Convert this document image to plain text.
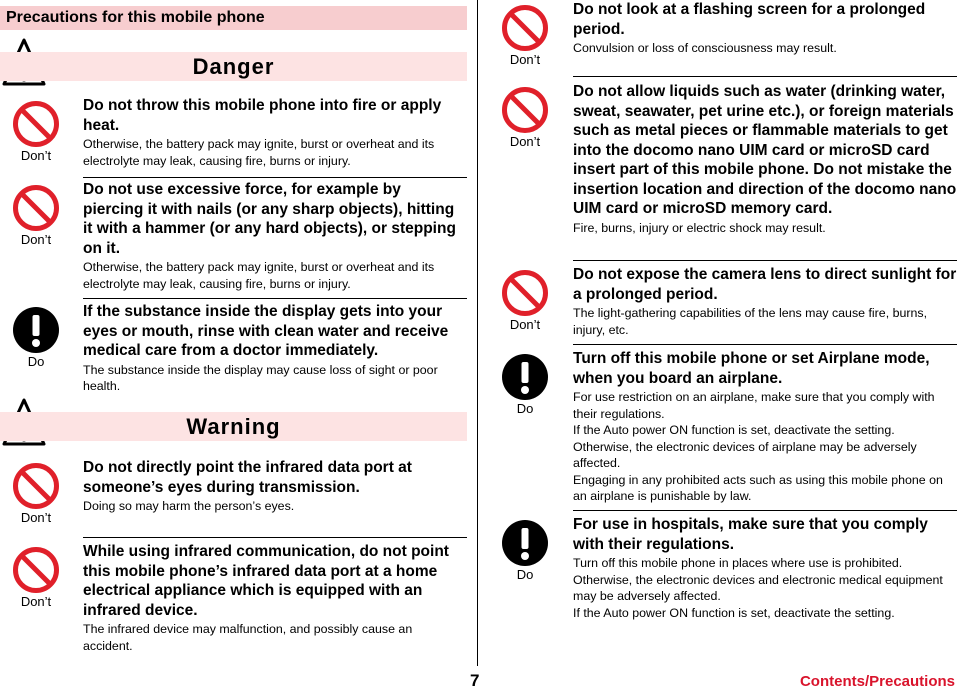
Precautions for this mobile phone
Danger
Don’t
Do not throw this mobile phone into fire or apply heat.
Otherwise, the battery pack may ignite, burst or overheat and its electrolyte may leak, causing fire, burns or injury.
Don’t
Do not use excessive force, for example by piercing it with nails (or any sharp objects), hitting it with a hammer (or any hard objects), or stepping on it.
Otherwise, the battery pack may ignite, burst or overheat and its electrolyte may leak, causing fire, burns or injury.
Do
If the substance inside the display gets into your eyes or mouth, rinse with clean water and receive medical care from a doctor immediately.
The substance inside the display may cause loss of sight or poor health.
Warning
Don’t
Do not directly point the infrared data port at someone’s eyes during transmission.
Doing so may harm the person’s eyes.
Don’t
While using infrared communication, do not point this mobile phone’s infrared data port at a home electrical appliance which is equipped with an infrared device.
The infrared device may malfunction, and possibly cause an accident.
Don’t
Do not look at a flashing screen for a prolonged period.
Convulsion or loss of consciousness may result.
Don’t
Do not allow liquids such as water (drinking water, sweat, seawater, pet urine etc.), or foreign materials such as metal pieces or flammable materials to get into the docomo nano UIM card or microSD card insert part of this mobile phone. Do not mistake the insertion location and direction of the docomo nano UIM card or microSD memory card.
Fire, burns, injury or electric shock may result.
Don’t
Do not expose the camera lens to direct sunlight for a prolonged period.
The light-gathering capabilities of the lens may cause fire, burns, injury, etc.
Do
Turn off this mobile phone or set Airplane mode, when you board an airplane.
For use restriction on an airplane, make sure that you comply with their regulations.
If the Auto power ON function is set, deactivate the setting.
Otherwise, the electronic devices of airplane may be adversely affected.
Engaging in any prohibited acts such as using this mobile phone on an airplane is punishable by law.
Do
For use in hospitals, make sure that you comply with their regulations.
Turn off this mobile phone in places where use is prohibited.
Otherwise, the electronic devices and electronic medical equipment may be adversely affected.
If the Auto power ON function is set, deactivate the setting.
7	Contents/Precautions
